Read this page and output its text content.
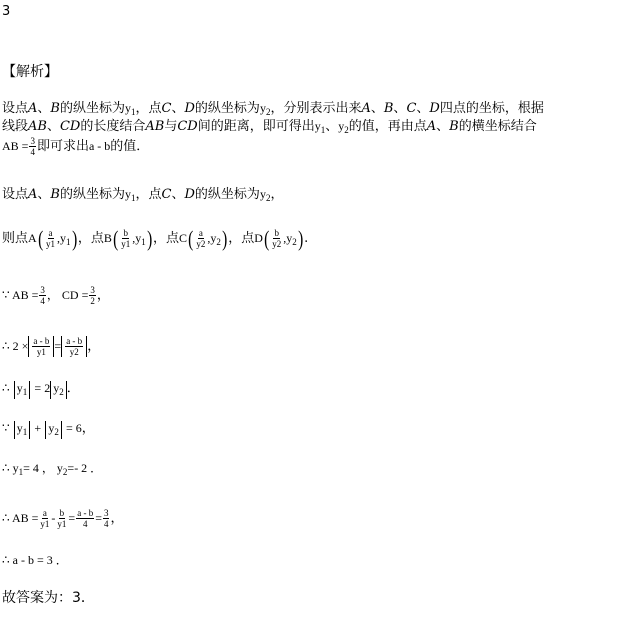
3
【解析】
设点A、B的纵坐标为$y_1$，点C、D的纵坐标为$y_2$，分别表示出来A、B、C、D四点的坐标，根据
线段AB、CD的长度结合AB与CD间的距离，即可得出$y_1$、$y_2$的值，再由点A、B的横坐标结合
AB = $\frac{3}{4}$ 即可求出a - b的值．
设点A、B的纵坐标为$y_1$，点C、D的纵坐标为$y_2$，
则点$A( \frac{a}{y1} ,y_1)$，点$B( \frac{b}{y1} ,y_1)$，点$C( \frac{a}{y2} ,y_2)$，点$D( \frac{b}{y2} ,y_2)$.
∵ AB = $\frac{3}{4}$ ， CD = $\frac{3}{2}$ ，
∴ $2 \times \frac{a - b}{y1} = \frac{a - b}{y2}$ ，
∴ $y_1 = 2$ $y_2$ ．
∵ $y_1 + y_2 = 6$，
∴ $y_1= 4$ ， $y_2=-$ 2 ．
∴ AB = $\frac{a}{y1} - \frac{b}{y1} = \frac{a - b}{4} = \frac{3}{4}$ ，
∴ a - b = 3 ．
故答案为：3．
